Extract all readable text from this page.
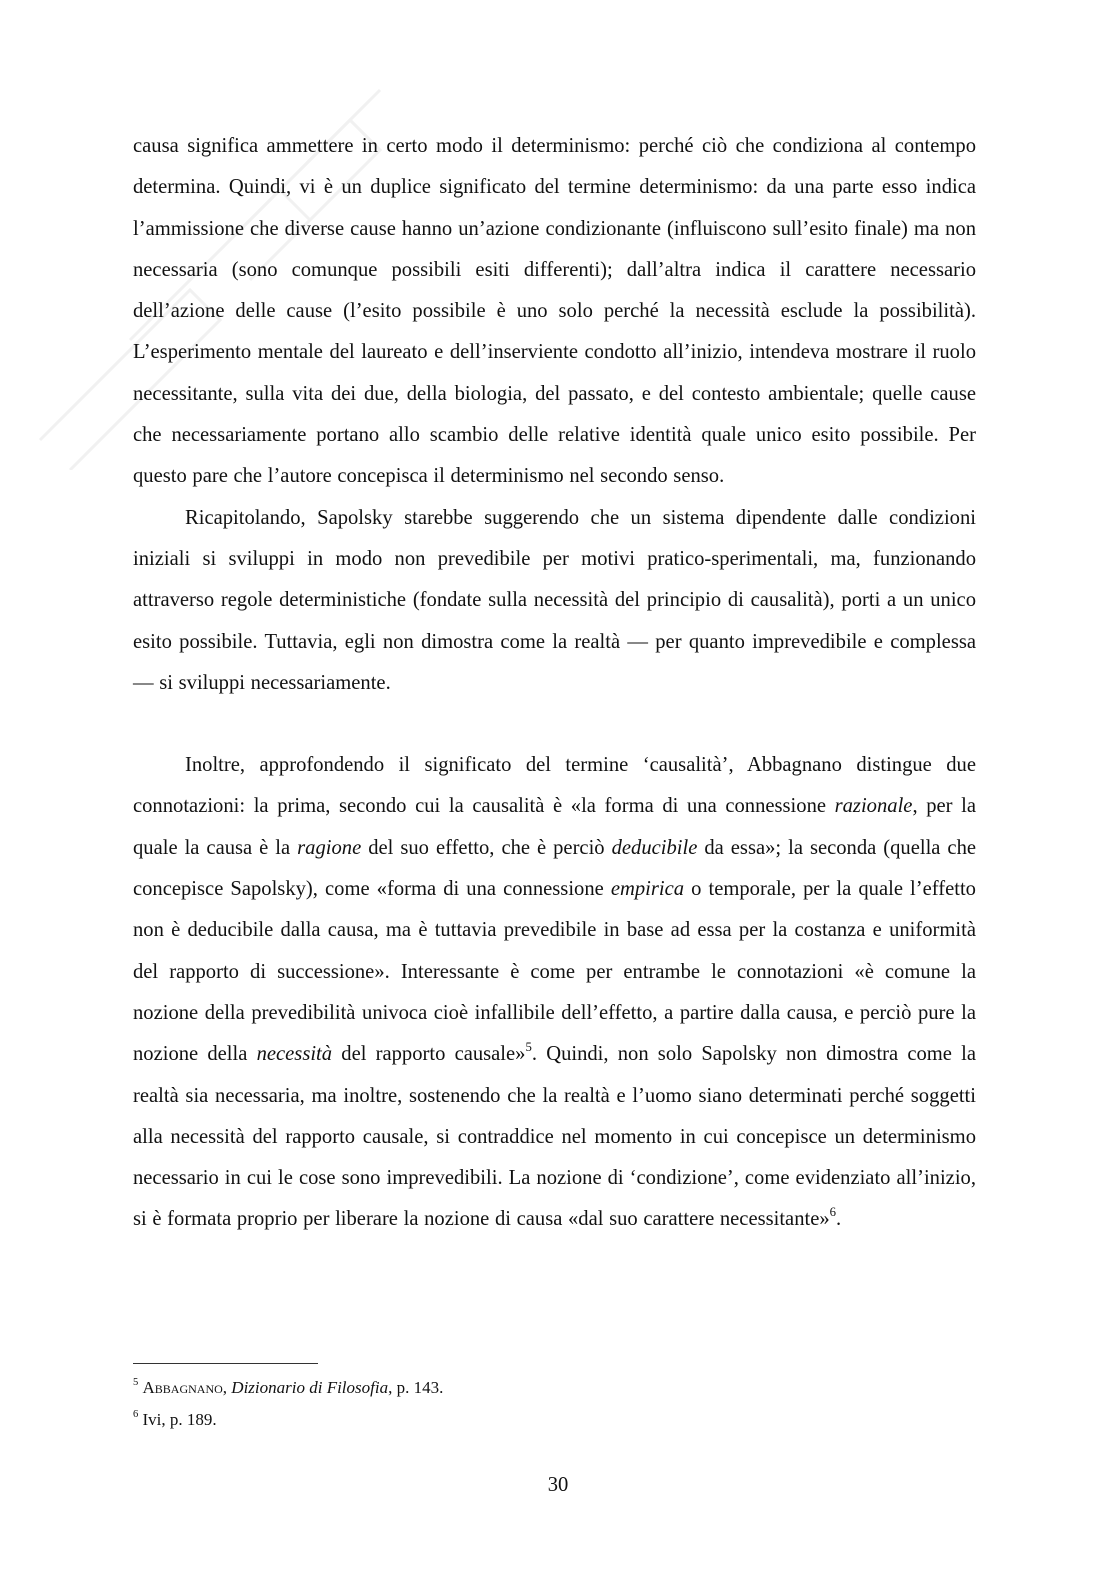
causa significa ammettere in certo modo il determinismo: perché ciò che condiziona al contempo determina. Quindi, vi è un duplice significato del termine determinismo: da una parte esso indica l’ammissione che diverse cause hanno un’azione condizionante (influiscono sull’esito finale) ma non necessaria (sono comunque possibili esiti differenti); dall’altra indica il carattere necessario dell’azione delle cause (l’esito possibile è uno solo perché la necessità esclude la possibilità). L’esperimento mentale del laureato e dell’inserviente condotto all’inizio, intendeva mostrare il ruolo necessitante, sulla vita dei due, della biologia, del passato, e del contesto ambientale; quelle cause che necessariamente portano allo scambio delle relative identità quale unico esito possibile. Per questo pare che l’autore concepisca il determinismo nel secondo senso.

Ricapitolando, Sapolsky starebbe suggerendo che un sistema dipendente dalle condizioni iniziali si sviluppi in modo non prevedibile per motivi pratico-sperimentali, ma, funzionando attraverso regole deterministiche (fondate sulla necessità del principio di causalità), porti a un unico esito possibile. Tuttavia, egli non dimostra come la realtà — per quanto imprevedibile e complessa — si sviluppi necessariamente.

Inoltre, approfondendo il significato del termine ‘causalità’, Abbagnano distingue due connotazioni: la prima, secondo cui la causalità è «la forma di una connessione razionale, per la quale la causa è la ragione del suo effetto, che è perciò deducibile da essa»; la seconda (quella che concepisce Sapolsky), come «forma di una connessione empirica o temporale, per la quale l’effetto non è deducibile dalla causa, ma è tuttavia prevedibile in base ad essa per la costanza e uniformità del rapporto di successione». Interessante è come per entrambe le connotazioni «è comune la nozione della prevedibilità univoca cioè infallibile dell’effetto, a partire dalla causa, e perciò pure la nozione della necessità del rapporto causale»$^5$. Quindi, non solo Sapolsky non dimostra come la realtà sia necessaria, ma inoltre, sostenendo che la realtà e l’uomo siano determinati perché soggetti alla necessità del rapporto causale, si contraddice nel momento in cui concepisce un determinismo necessario in cui le cose sono imprevedibili. La nozione di ‘condizione’, come evidenziato all’inizio, si è formata proprio per liberare la nozione di causa «dal suo carattere necessitante»$^6$.

$^5$ Abbagnano, Dizionario di Filosofia, p. 143.

$^6$ Ivi, p. 189.

30
